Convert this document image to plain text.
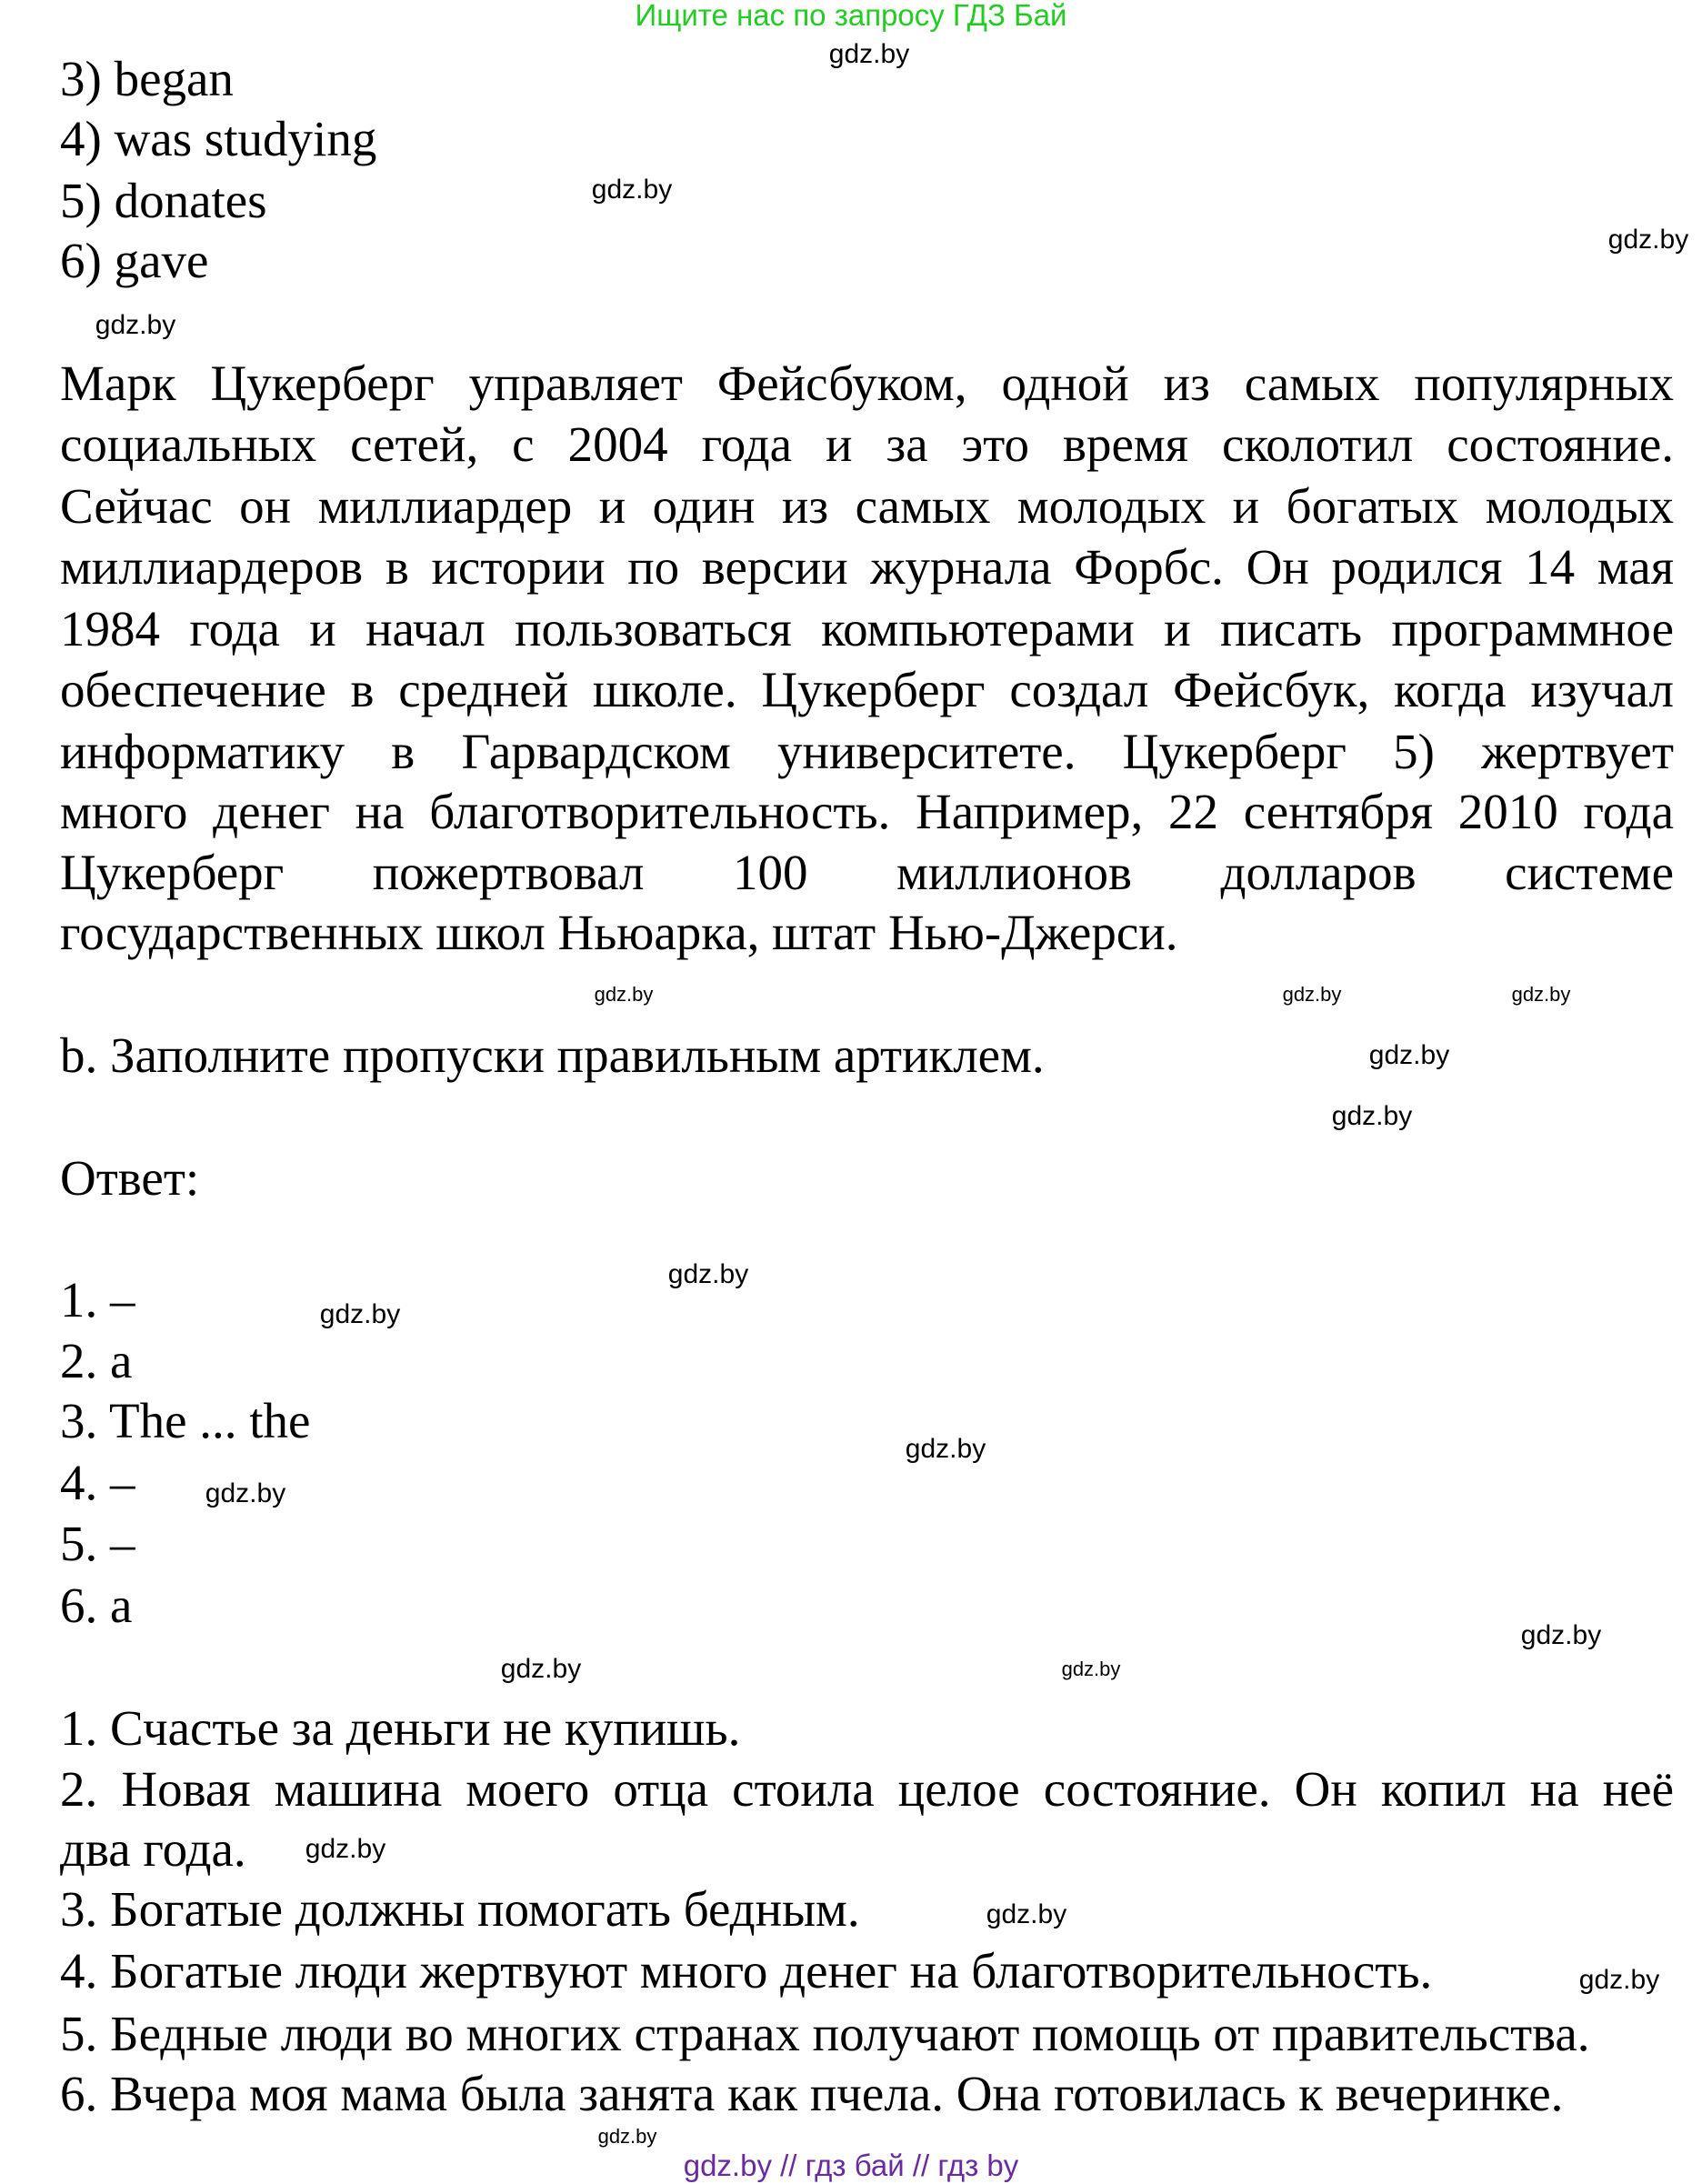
Ищите нас по запросу ГДЗ Бай
3) began
4) was studying
5) donates
6) gave
Марк Цукерберг управляет Фейсбуком, одной из самых популярных
социальных сетей, с 2004 года и за это время сколотил состояние.
Сейчас он миллиардер и один из самых молодых и богатых молодых
миллиардеров в истории по версии журнала Форбс. Он родился 14 мая
1984 года и начал пользоваться компьютерами и писать программное
обеспечение в средней школе. Цукерберг создал Фейсбук, когда изучал
информатику в Гарвардском университете. Цукерберг 5) жертвует
много денег на благотворительность. Например, 22 сентября 2010 года
Цукерберг пожертвовал 100 миллионов долларов системе
государственных школ Ньюарка, штат Нью-Джерси.
b. Заполните пропуски правильным артиклем.
Ответ:
1. –
2. a
3. The ... the
4. –
5. –
6. a
1. Счастье за деньги не купишь.
2. Новая машина моего отца стоила целое состояние. Он копил на неё
два года.
3. Богатые должны помогать бедным.
4. Богатые люди жертвуют много денег на благотворительность.
5. Бедные люди во многих странах получают помощь от правительства.
6. Вчера моя мама была занята как пчела. Она готовилась к вечеринке.
gdz.by
gdz.by
gdz.by
gdz.by
gdz.by
gdz.by
gdz.by
gdz.by
gdz.by
gdz.by
gdz.by
gdz.by
gdz.by
gdz.by
gdz.by
gdz.by
gdz.by
gdz.by
gdz.by
gdz.by
gdz.by // гдз бай // гдз by
